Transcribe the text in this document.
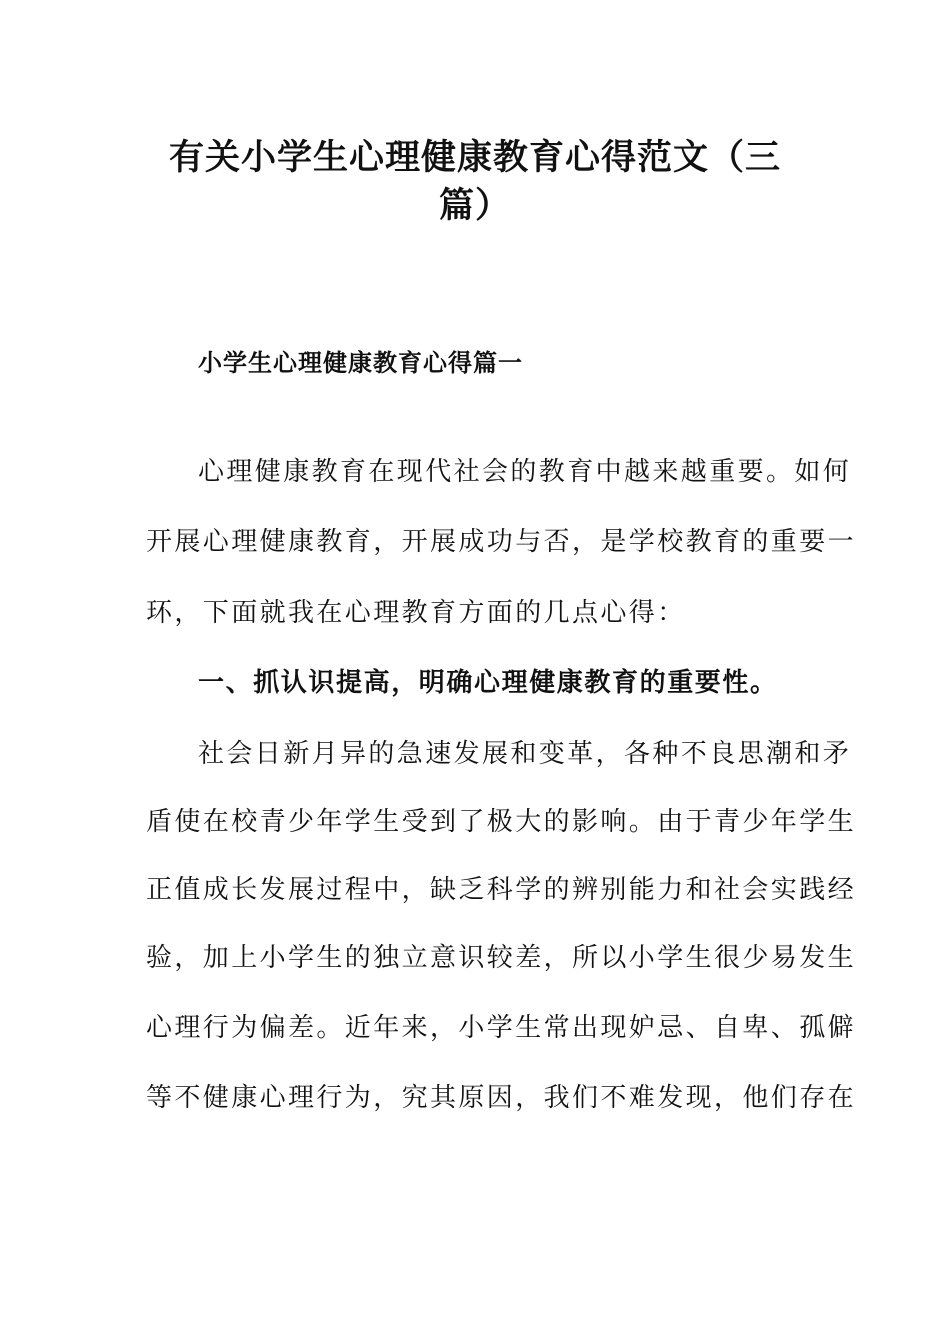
有关小学生心理健康教育心得范文（三
篇）
小学生心理健康教育心得篇一

心理健康教育在现代社会的教育中越来越重要。如何

开展心理健康教育，开展成功与否，是学校教育的重要一

环，下面就我在心理教育方面的几点心得：

一、抓认识提高，明确心理健康教育的重要性。

社会日新月异的急速发展和变革，各种不良思潮和矛

盾使在校青少年学生受到了极大的影响。由于青少年学生

正值成长发展过程中，缺乏科学的辨别能力和社会实践经

验，加上小学生的独立意识较差，所以小学生很少易发生

心理行为偏差。近年来，小学生常出现妒忌、自卑、孤僻

等不健康心理行为，究其原因，我们不难发现，他们存在
